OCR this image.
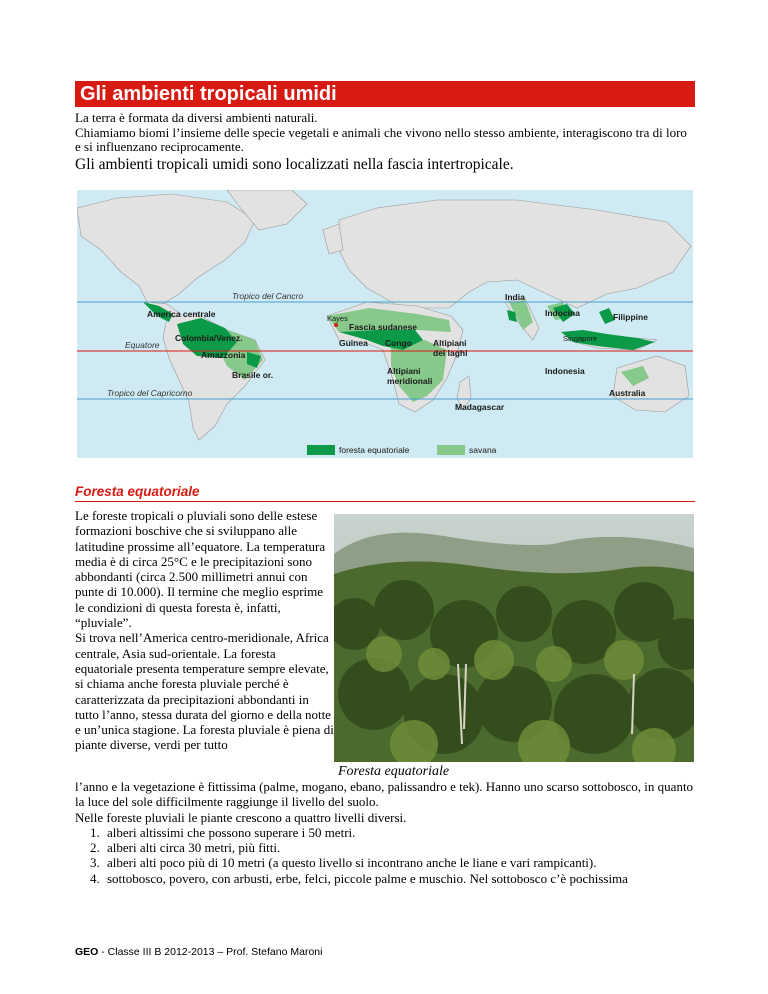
Gli ambienti tropicali umidi
La terra è formata da diversi ambienti naturali.
Chiamiamo biomi l’insieme delle specie vegetali e animali che vivono nello stesso ambiente, interagiscono tra di loro e si influenzano reciprocamente.
Gli ambienti tropicali umidi sono localizzati nella fascia intertropicale.
Tropico del Cancro
Equatore
Tropico del Capricorno
America centrale
Colombia/Venez.
Amazzonia
Brasile or.
Kayes
Fascia sudanese
Guinea Congo Altipiani dei laghi
Altipiani meridionali
Madagascar
India
Indocina	Filippine
Singapore
Indonesia
Australia
foresta equatoriale	savana
Foresta equatoriale
Foresta equatoriale
Le foreste tropicali o pluviali sono delle estese formazioni boschive che si sviluppano alle latitudine prossime all’equatore. La temperatura media è di circa 25°C e le precipitazioni sono abbondanti (circa 2.500 millimetri annui con punte di 10.000). Il termine che meglio esprime le condizioni di questa foresta è, infatti, “pluviale”.
Si trova nell’America centro-meridionale, Africa centrale, Asia sud-orientale. La foresta equatoriale presenta temperature sempre elevate, si chiama anche foresta pluviale perché è caratterizzata da precipitazioni abbondanti in tutto l’anno, stessa durata del giorno e della notte e un’unica stagione. La foresta pluviale è piena di piante diverse, verdi per tutto
l’anno e la vegetazione è fittissima (palme, mogano, ebano, palissandro e tek). Hanno uno scarso sottobosco, in quanto la luce del sole difficilmente raggiunge il livello del suolo.
Nelle foreste pluviali le piante crescono a quattro livelli diversi.
1. alberi altissimi che possono superare i 50 metri.
2. alberi alti circa 30 metri, più fitti.
3. alberi alti poco più di 10 metri (a questo livello si incontrano anche le liane e vari rampicanti).
4. sottobosco, povero, con arbusti, erbe, felci, piccole palme e muschio. Nel sottobosco c’è pochissima
GEO - Classe III B 2012-2013 – Prof. Stefano Maroni
